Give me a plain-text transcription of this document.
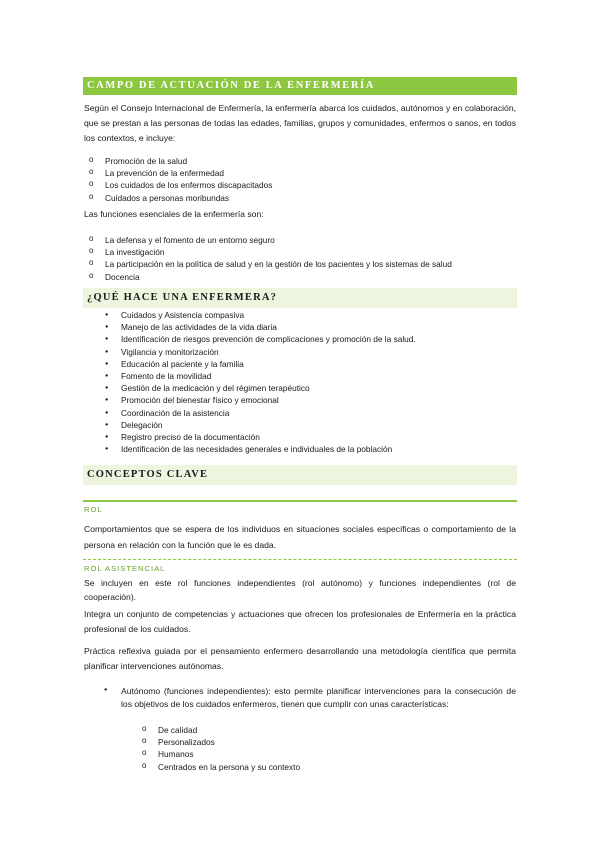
CAMPO DE ACTUACIÓN DE LA ENFERMERÍA

Según el Consejo Internacional de Enfermería, la enfermería abarca los cuidados, autónomos y en colaboración, que se prestan a las personas de todas las edades, familias, grupos y comunidades, enfermos o sanos, en todos los contextos, e incluye:

o Promoción de la salud
o La prevención de la enfermedad
o Los cuidados de los enfermos discapacitados
o Cuidados a personas moribundas

Las funciones esenciales de la enfermería son:

o La defensa y el fomento de un entorno seguro
o La investigación
o La participación en la política de salud y en la gestión de los pacientes y los sistemas de salud
o Docencia
¿QUÉ HACE UNA ENFERMERA?
● Cuidados y Asistencia compasiva
● Manejo de las actividades de la vida diaria
● Identificación de riesgos prevención de complicaciones y promoción de la salud.
● Vigilancia y monitorización
● Educación al paciente y la familia
● Fomento de la movilidad
● Gestión de la medicación y del régimen terapéutico
● Promoción del bienestar físico y emocional
● Coordinación de la asistencia
● Delegación
● Registro preciso de la documentación
● Identificación de las necesidades generales e individuales de la población
CONCEPTOS CLAVE
ROL

Comportamientos que se espera de los individuos en situaciones sociales específicas o comportamiento de la persona en relación con la función que le es dada.

ROL ASISTENCIAL

Se incluyen en este rol funciones independientes (rol autónomo) y funciones independientes (rol de cooperación).

Integra un conjunto de competencias y actuaciones que ofrecen los profesionales de Enfermería en la práctica profesional de los cuidados.

Práctica reflexiva guiada por el pensamiento enfermero desarrollando una metodología científica que permita planificar intervenciones autónomas.

● Autónomo (funciones independientes): esto permite planificar intervenciones para la consecución de los objetivos de los cuidados enfermeros, tienen que cumplir con unas características:

o De calidad
o Personalizados
o Humanos
o Centrados en la persona y su contexto
